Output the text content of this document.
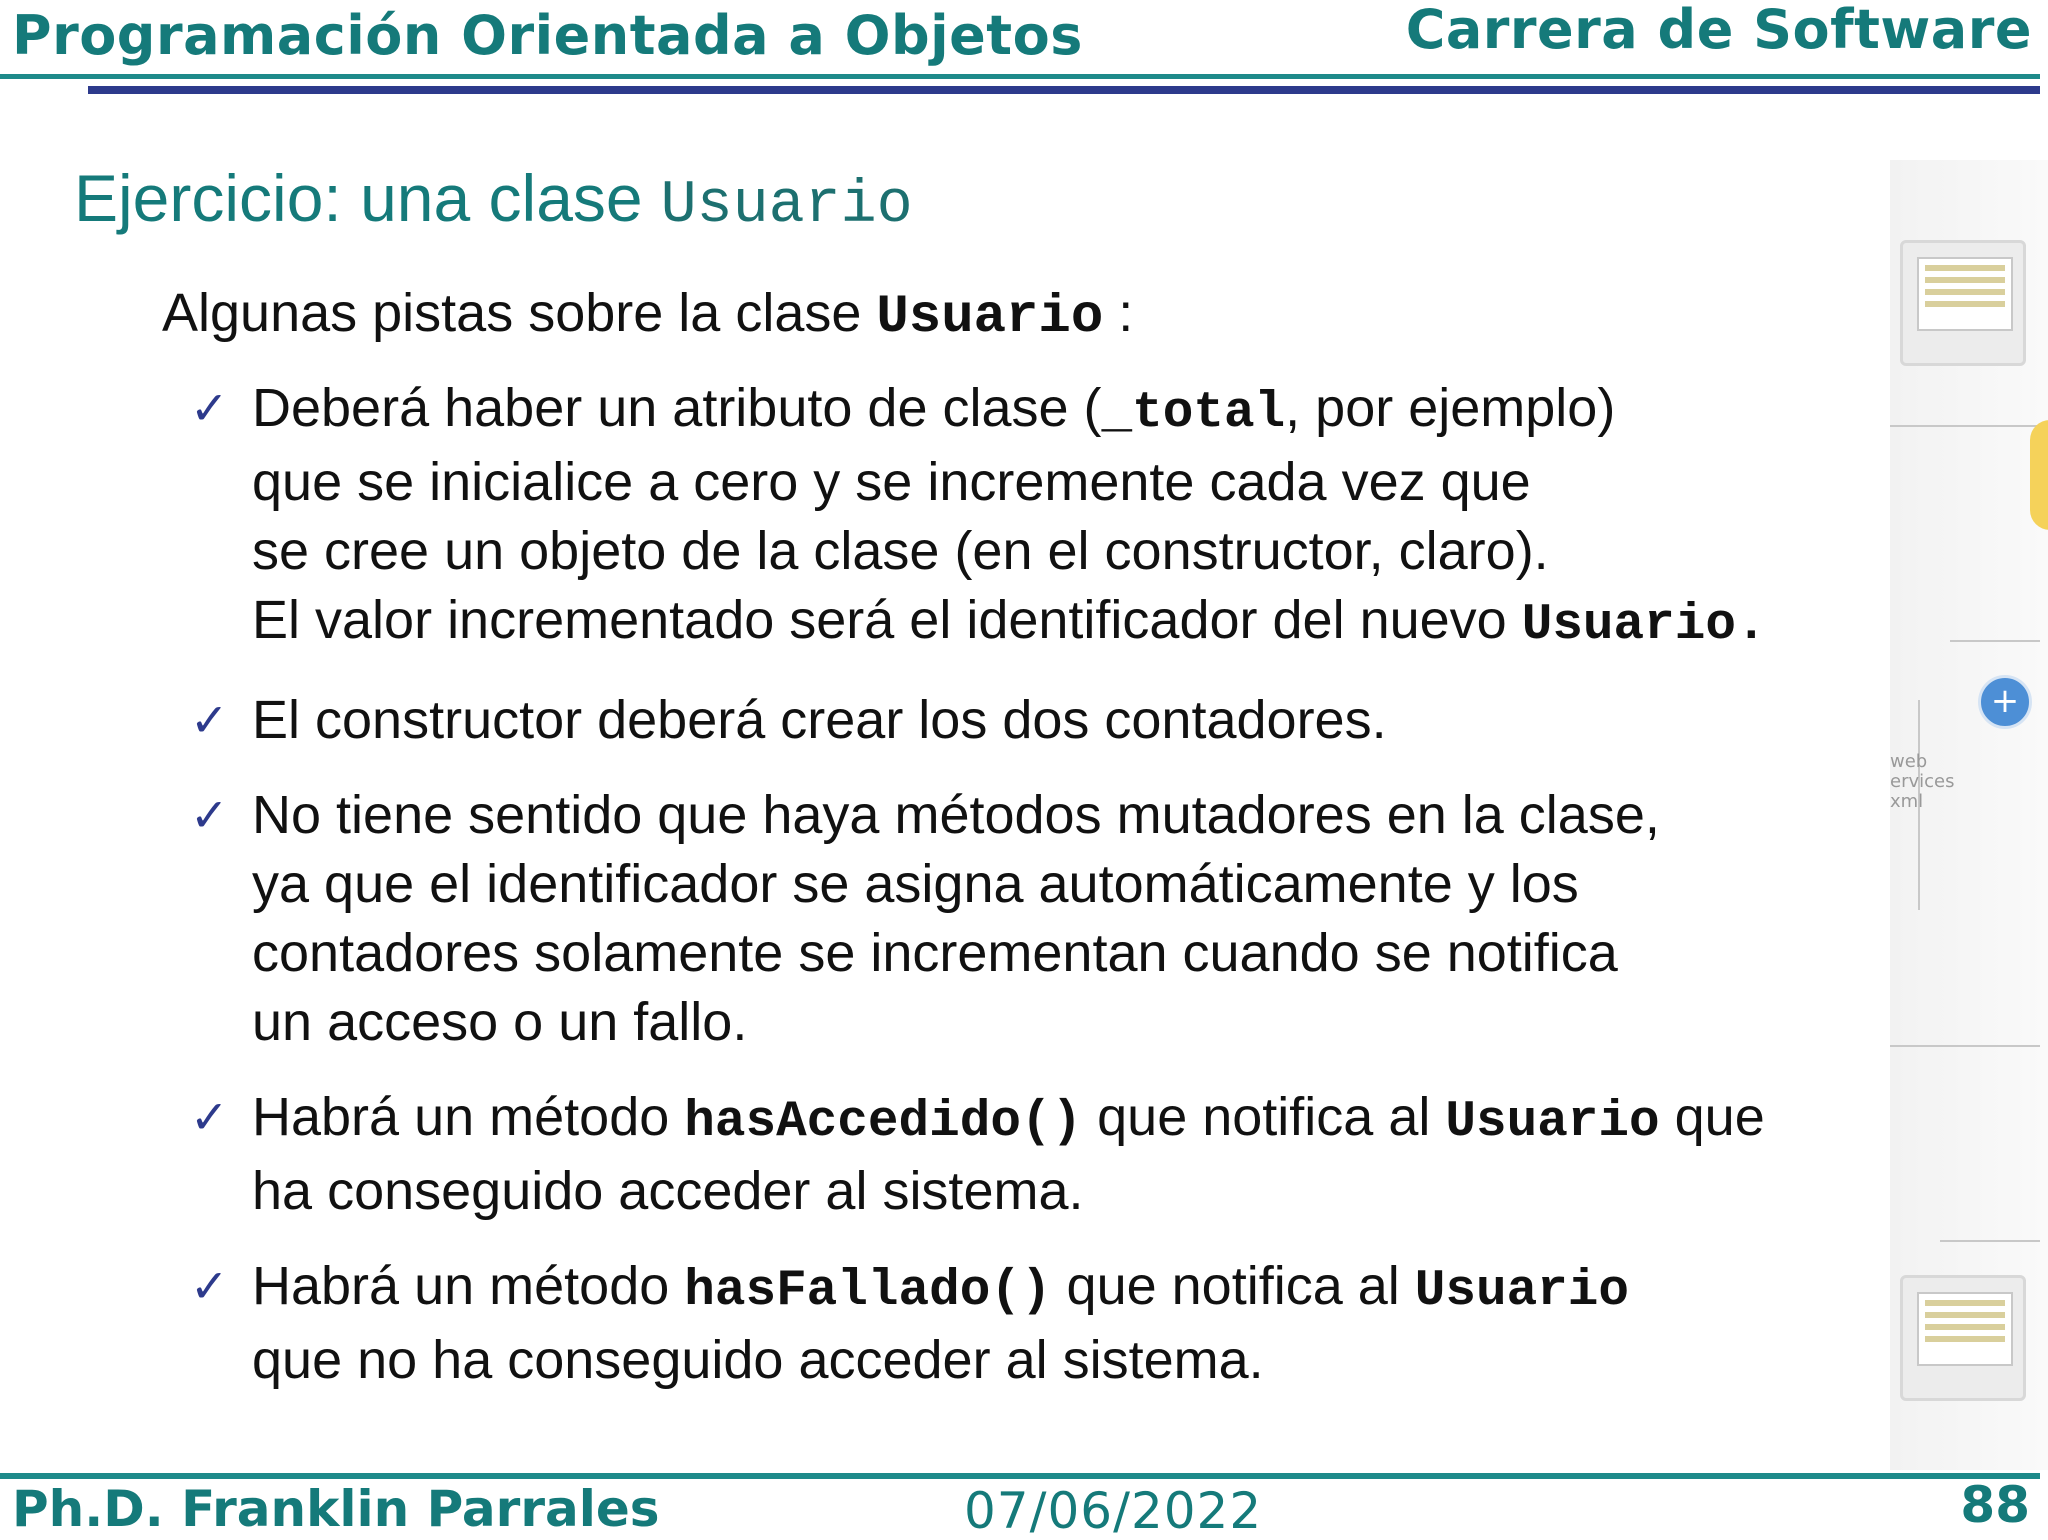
Programación Orientada a Objetos	Carrera de Software
+
web
ervices
xml
Ejercicio: una clase Usuario
Algunas pistas sobre la clase Usuario :
✓ Deberá haber un atributo de clase (_total, por ejemplo)
que se inicialice a cero y se incremente cada vez que
se cree un objeto de la clase (en el constructor, claro).
El valor incrementado será el identificador del nuevo Usuario.
✓ El constructor deberá crear los dos contadores.
✓ No tiene sentido que haya métodos mutadores en la clase,
ya que el identificador se asigna automáticamente y los
contadores solamente se incrementan cuando se notifica
un acceso o un fallo.
✓ Habrá un método hasAccedido() que notifica al Usuario que
ha conseguido acceder al sistema.
✓ Habrá un método hasFallado() que notifica al Usuario
que no ha conseguido acceder al sistema.
Ph.D. Franklin Parrales	07/06/2022	88
